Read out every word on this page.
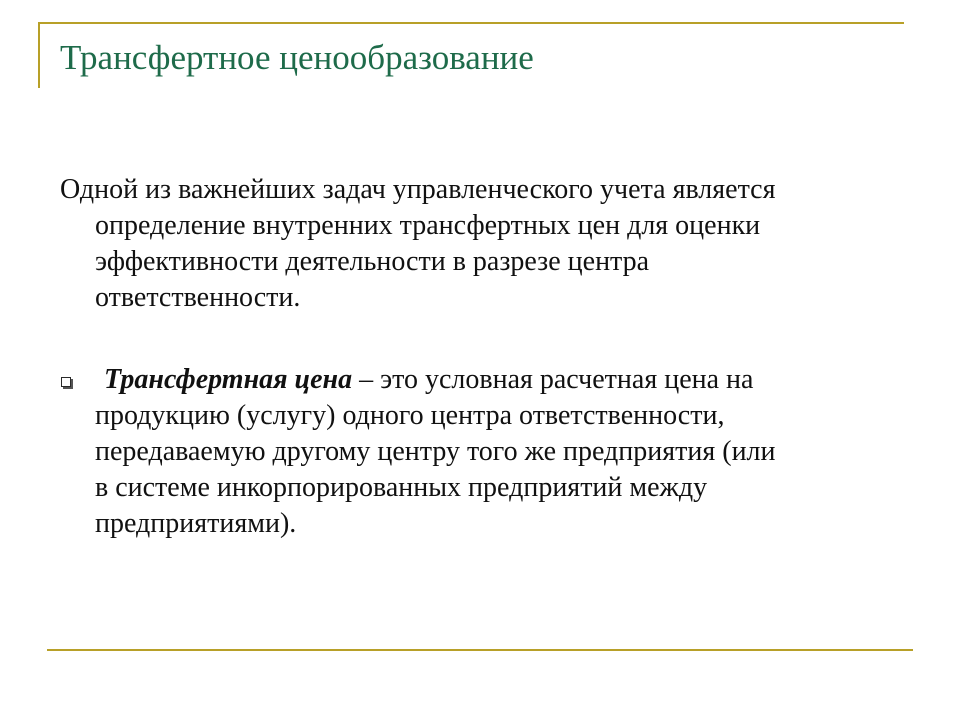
Трансфертное ценообразование
Одной из важнейших задач управленческого учета является
определение внутренних трансфертных цен для оценки
эффективности деятельности в разрезе центра
ответственности.
Трансфертная цена – это условная расчетная цена на
продукцию (услугу) одного центра ответственности,
передаваемую другому центру того же предприятия (или
в системе инкорпорированных предприятий между
предприятиями).
